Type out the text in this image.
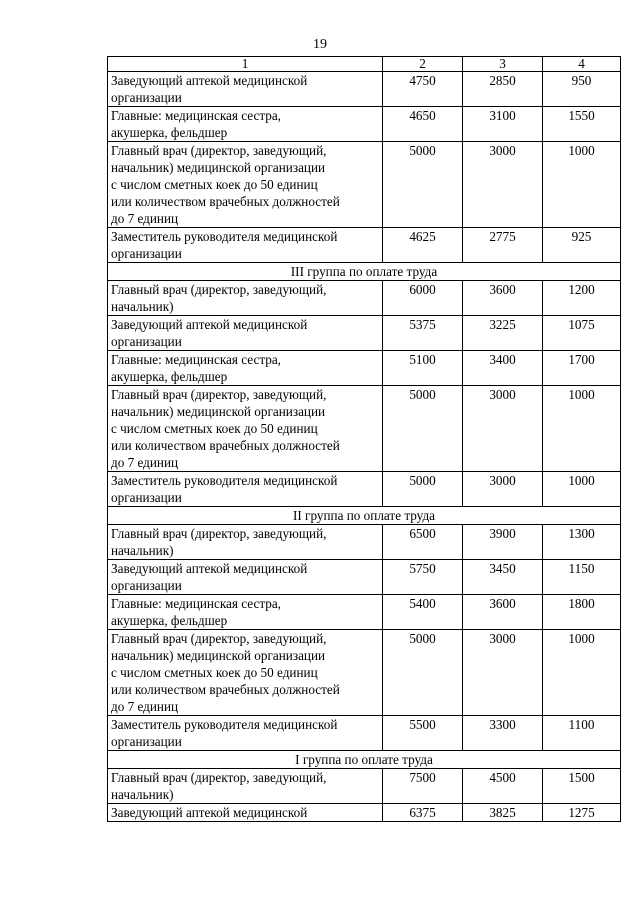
19
1	2	3	4
Заведующий аптекой медицинской
организации	4750	2850	950
Главные: медицинская сестра,
акушерка, фельдшер	4650	3100	1550
Главный врач (директор, заведующий,
начальник) медицинской организации
с числом сметных коек до 50 единиц
или количеством врачебных должностей
до 7 единиц	5000	3000	1000
Заместитель руководителя медицинской
организации	4625	2775	925
III группа по оплате труда			
Главный врач (директор, заведующий,
начальник)	6000	3600	1200
Заведующий аптекой медицинской
организации	5375	3225	1075
Главные: медицинская сестра,
акушерка, фельдшер	5100	3400	1700
Главный врач (директор, заведующий,
начальник) медицинской организации
с числом сметных коек до 50 единиц
или количеством врачебных должностей
до 7 единиц	5000	3000	1000
Заместитель руководителя медицинской
организации	5000	3000	1000
II группа по оплате труда			
Главный врач (директор, заведующий,
начальник)	6500	3900	1300
Заведующий аптекой медицинской
организации	5750	3450	1150
Главные: медицинская сестра,
акушерка, фельдшер	5400	3600	1800
Главный врач (директор, заведующий,
начальник) медицинской организации
с числом сметных коек до 50 единиц
или количеством врачебных должностей
до 7 единиц	5000	3000	1000
Заместитель руководителя медицинской
организации	5500	3300	1100
I группа по оплате труда			
Главный врач (директор, заведующий,
начальник)	7500	4500	1500
Заведующий аптекой медицинской	6375	3825	1275
